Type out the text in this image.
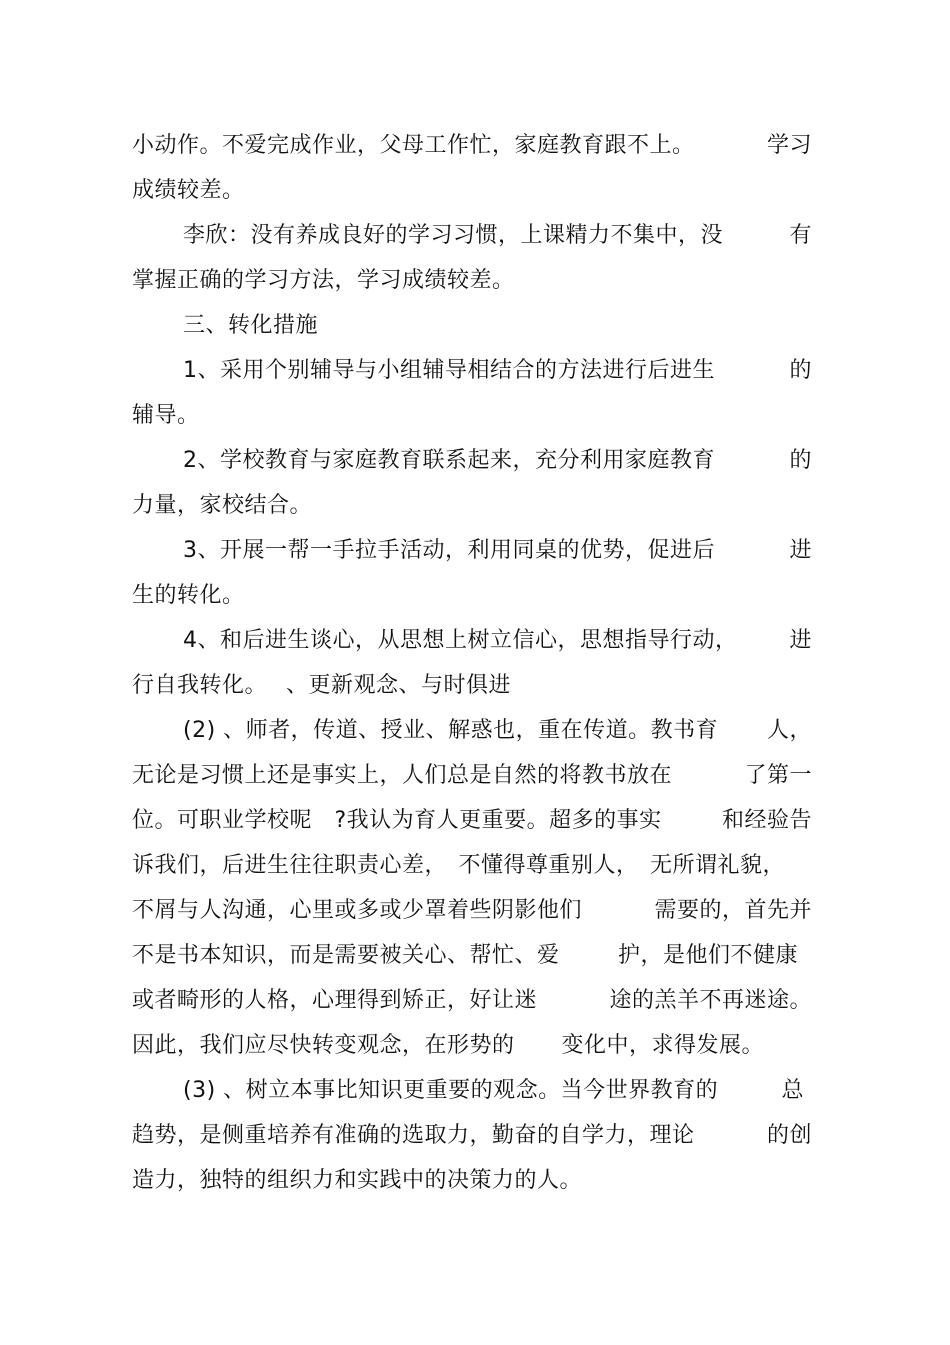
小动作。不爱完成作业，父母工作忙，家庭教育跟不上。

	学习

成绩较差。

李欣：没有养成良好的学习习惯，上课精力不集中，没

	有

掌握正确的学习方法，学习成绩较差。

三、转化措施

1、采用个别辅导与小组辅导相结合的方法进行后进生

	的

辅导。

2、学校教育与家庭教育联系起来，充分利用家庭教育

	的

力量，家校结合。

3、开展一帮一手拉手活动，利用同桌的优势，促进后

	进

生的转化。

4、和后进生谈心，从思想上树立信心，思想指导行动，

进

行自我转化。　 、更新观念、与时俱进

(2) 、师者，传道、授业、解惑也，重在传道。教书育

人，

无论是习惯上还是事实上，人们总是自然的将教书放在

	了第一

位。可职业学校呢　?我认为育人更重要。超多的事实

	和经验告

诉我们，后进生往往职责心差，　不懂得尊重别人，　无所谓礼貌，

不屑与人沟通，心里或多或少罩着些阴影他们

	需要的，首先并

不是书本知识，而是需要被关心、帮忙、爱

	护，是他们不健康

或者畸形的人格，心理得到矫正，好让迷

	途的羔羊不再迷途。

因此，我们应尽快转变观念，在形势的

变化中，求得发展。

(3) 、树立本事比知识更重要的观念。当今世界教育的

	总

趋势，是侧重培养有准确的选取力，勤奋的自学力，理论

	的创

造力，独特的组织力和实践中的决策力的人。
